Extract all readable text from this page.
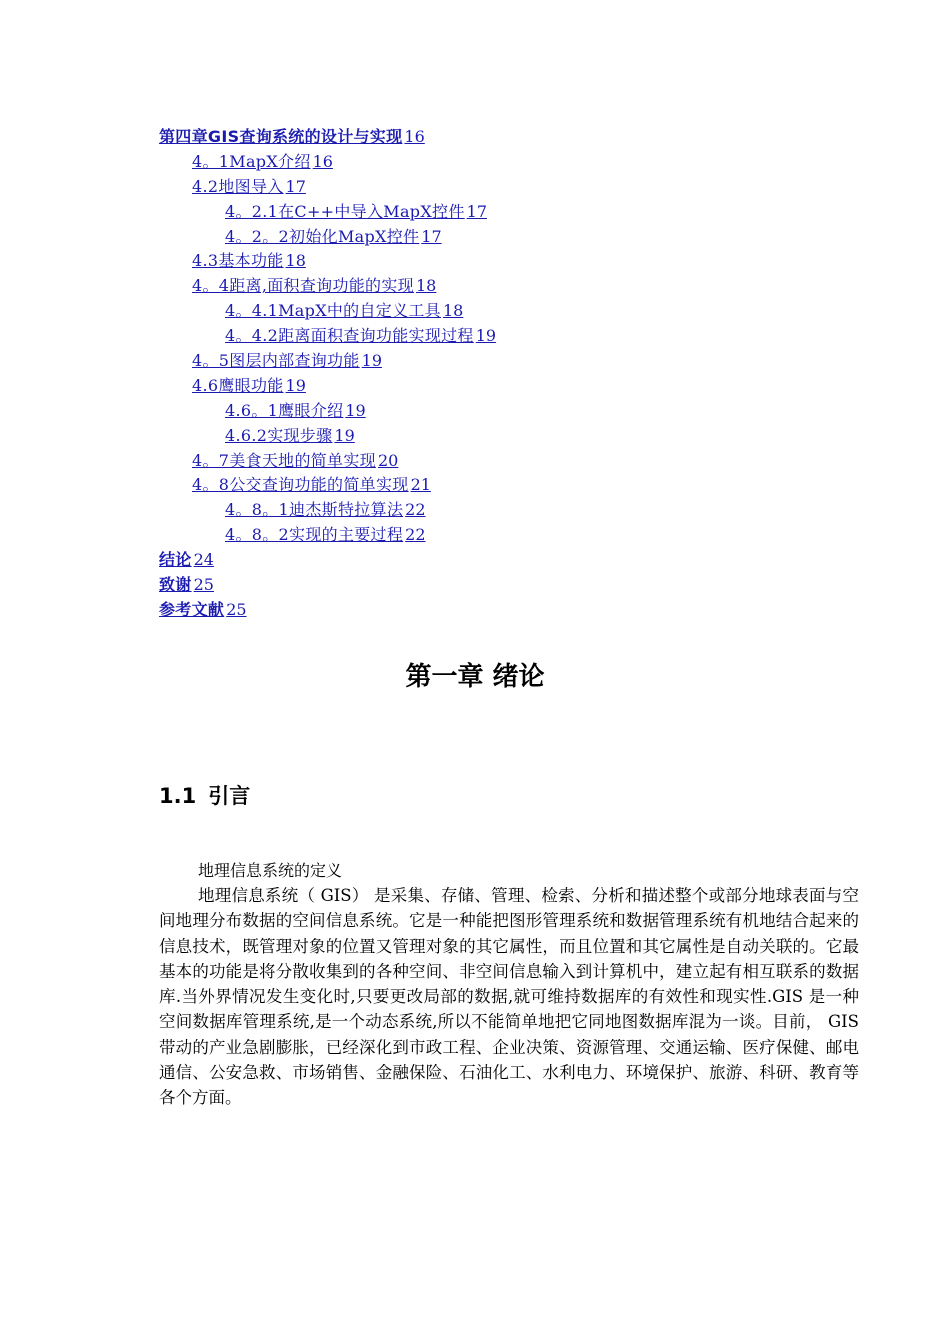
第四章GIS查询系统的设计与实现 16
4。1MapX介绍 16
4.2地图导入 17
4。2.1在C++中导入MapX控件 17
4。2。2初始化MapX控件 17
4.3基本功能 18
4。4距离,面积查询功能的实现 18
4。4.1MapX中的自定义工具 18
4。4.2距离面积查询功能实现过程 19
4。5图层内部查询功能 19
4.6鹰眼功能 19
4.6。1鹰眼介绍 19
4.6.2实现步骤 19
4。7美食天地的简单实现 20
4。8公交查询功能的简单实现 21
4。8。1迪杰斯特拉算法 22
4。8。2实现的主要过程 22
结论 24
致谢 25
参考文献 25
第一章 绪论
1.1 引言

地理信息系统的定义

地理信息系统（ GIS） 是采集、存储、管理、检索、分析和描述整个或部分地球表面与空间地理分布数据的空间信息系统。它是一种能把图形管理系统和数据管理系统有机地结合起来的信息技术，既管理对象的位置又管理对象的其它属性，而且位置和其它属性是自动关联的。它最基本的功能是将分散收集到的各种空间、非空间信息输入到计算机中，建立起有相互联系的数据库.当外界情况发生变化时,只要更改局部的数据,就可维持数据库的有效性和现实性.GIS 是一种空间数据库管理系统,是一个动态系统,所以不能简单地把它同地图数据库混为一谈。目前， GIS 带动的产业急剧膨胀，已经深化到市政工程、企业决策、资源管理、交通运输、医疗保健、邮电通信、公安急救、市场销售、金融保险、石油化工、水利电力、环境保护、旅游、科研、教育等各个方面。
